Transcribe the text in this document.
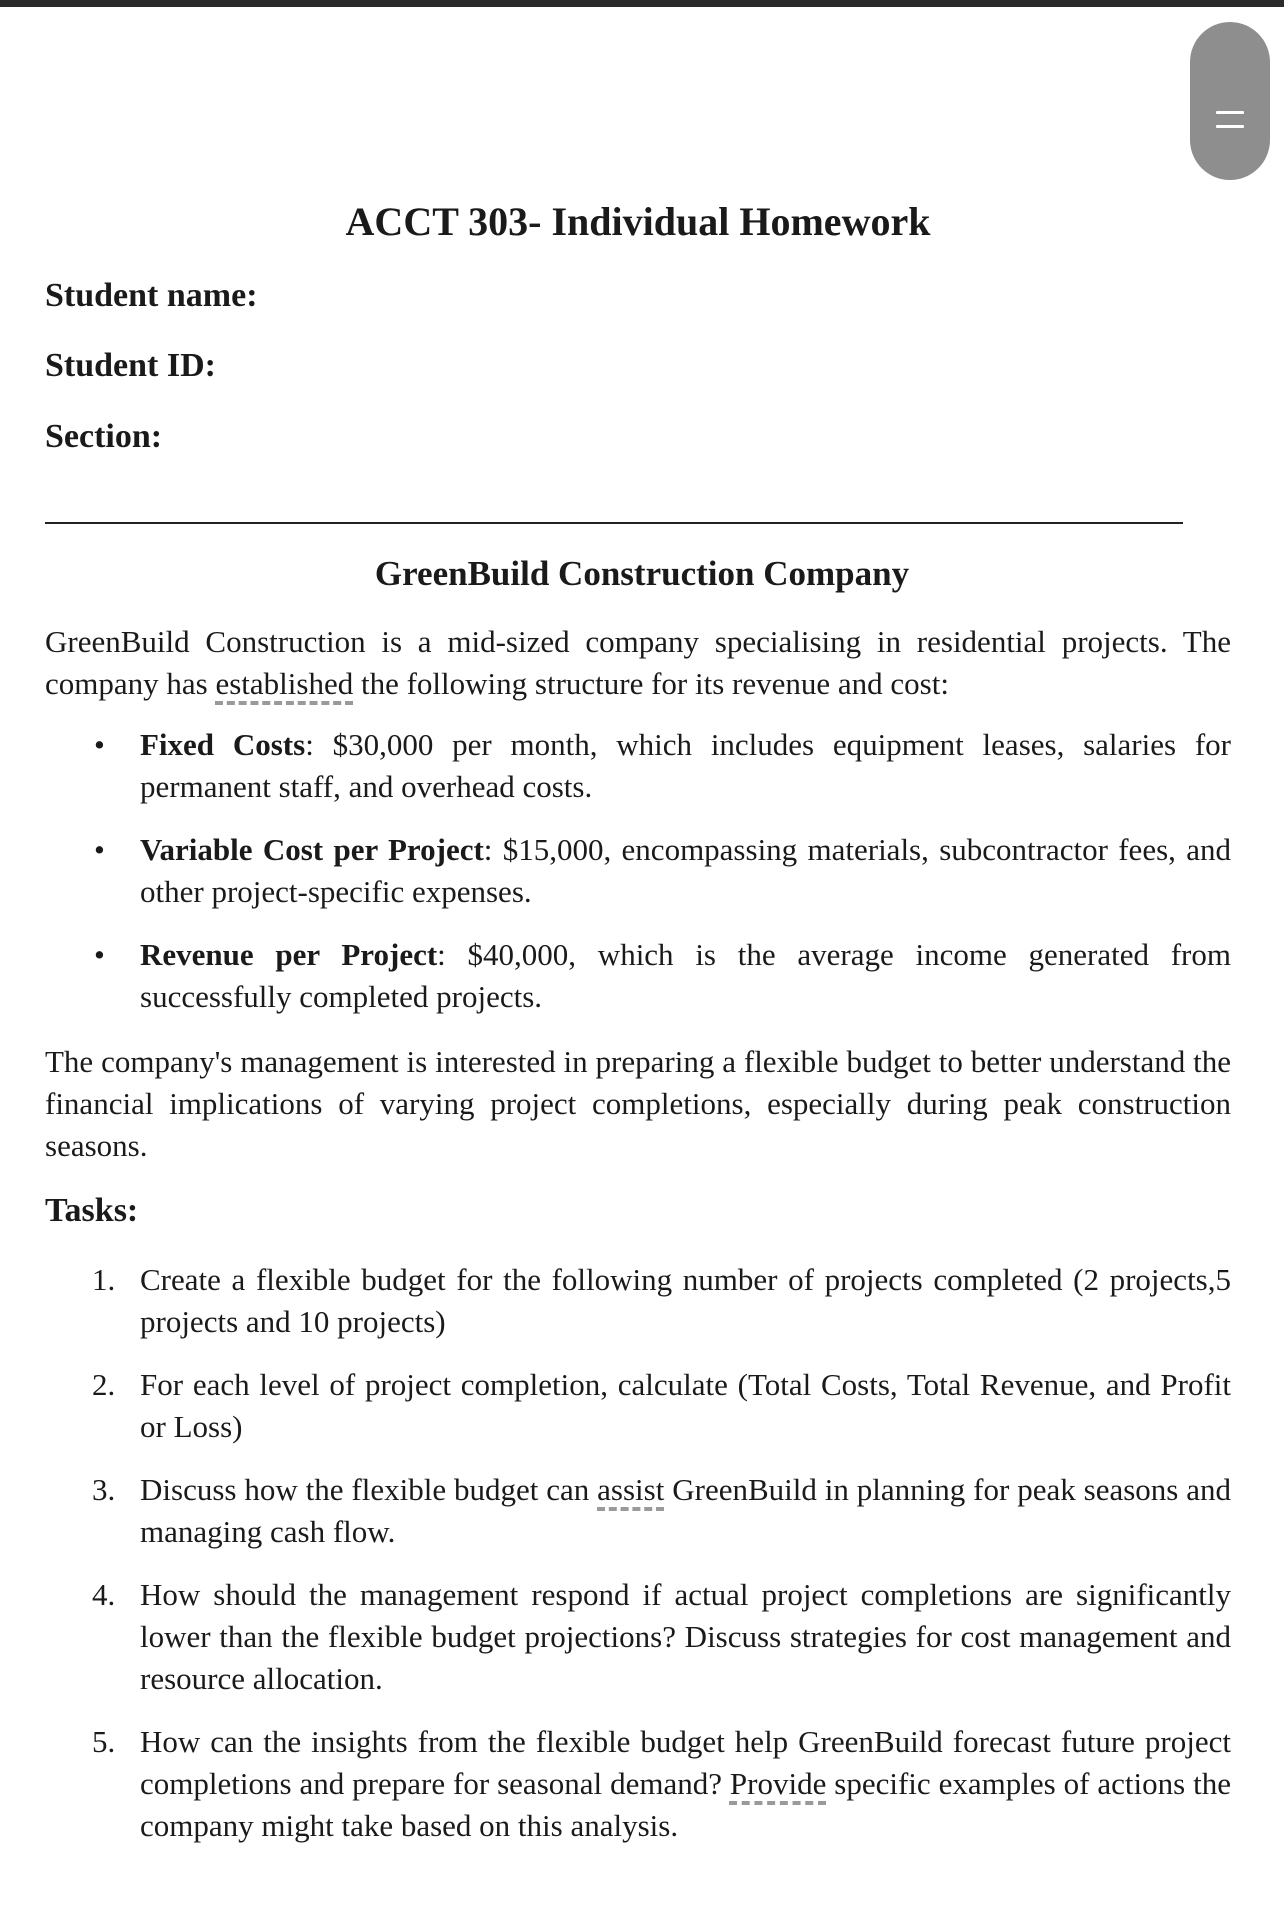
ACCT 303- Individual Homework

Student name:

Student ID:

Section:

GreenBuild Construction Company

GreenBuild Construction is a mid-sized company specialising in residential projects. The company has established the following structure for its revenue and cost:

• Fixed Costs: $30,000 per month, which includes equipment leases, salaries for permanent staff, and overhead costs.
• Variable Cost per Project: $15,000, encompassing materials, subcontractor fees, and other project-specific expenses.
• Revenue per Project: $40,000, which is the average income generated from successfully completed projects.

The company's management is interested in preparing a flexible budget to better understand the financial implications of varying project completions, especially during peak construction seasons.

Tasks:

1. Create a flexible budget for the following number of projects completed (2 projects,5 projects and 10 projects)
2. For each level of project completion, calculate (Total Costs, Total Revenue, and Profit or Loss)
3. Discuss how the flexible budget can assist GreenBuild in planning for peak seasons and managing cash flow.
4. How should the management respond if actual project completions are significantly lower than the flexible budget projections? Discuss strategies for cost management and resource allocation.
5. How can the insights from the flexible budget help GreenBuild forecast future project completions and prepare for seasonal demand? Provide specific examples of actions the company might take based on this analysis.
